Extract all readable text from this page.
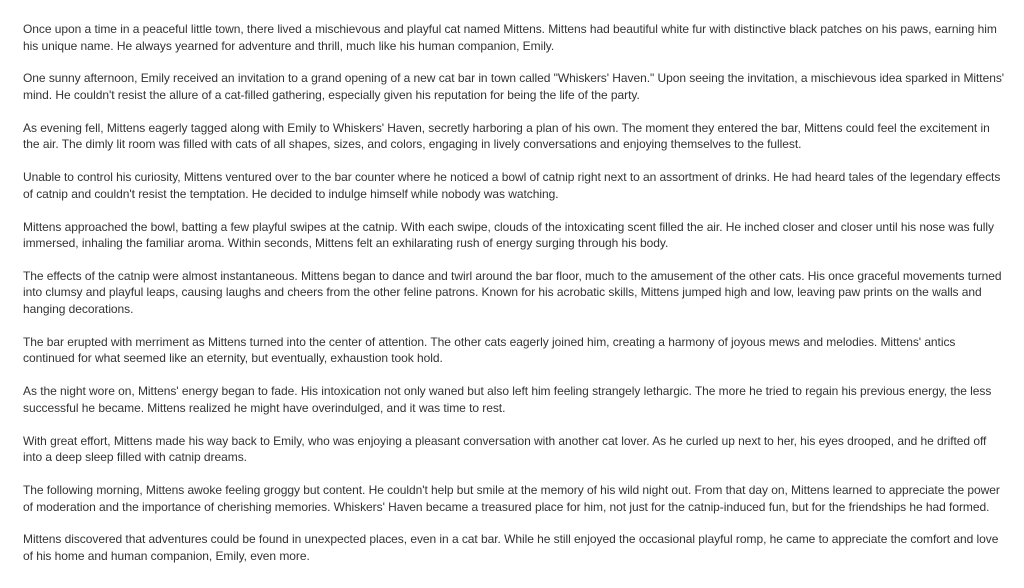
Once upon a time in a peaceful little town, there lived a mischievous and playful cat named Mittens. Mittens had beautiful white fur with distinctive black patches on his paws, earning him his unique name. He always yearned for adventure and thrill, much like his human companion, Emily.

One sunny afternoon, Emily received an invitation to a grand opening of a new cat bar in town called "Whiskers' Haven." Upon seeing the invitation, a mischievous idea sparked in Mittens' mind. He couldn't resist the allure of a cat-filled gathering, especially given his reputation for being the life of the party.

As evening fell, Mittens eagerly tagged along with Emily to Whiskers' Haven, secretly harboring a plan of his own. The moment they entered the bar, Mittens could feel the excitement in the air. The dimly lit room was filled with cats of all shapes, sizes, and colors, engaging in lively conversations and enjoying themselves to the fullest.

Unable to control his curiosity, Mittens ventured over to the bar counter where he noticed a bowl of catnip right next to an assortment of drinks. He had heard tales of the legendary effects of catnip and couldn't resist the temptation. He decided to indulge himself while nobody was watching.

Mittens approached the bowl, batting a few playful swipes at the catnip. With each swipe, clouds of the intoxicating scent filled the air. He inched closer and closer until his nose was fully immersed, inhaling the familiar aroma. Within seconds, Mittens felt an exhilarating rush of energy surging through his body.

The effects of the catnip were almost instantaneous. Mittens began to dance and twirl around the bar floor, much to the amusement of the other cats. His once graceful movements turned into clumsy and playful leaps, causing laughs and cheers from the other feline patrons. Known for his acrobatic skills, Mittens jumped high and low, leaving paw prints on the walls and hanging decorations.

The bar erupted with merriment as Mittens turned into the center of attention. The other cats eagerly joined him, creating a harmony of joyous mews and melodies. Mittens' antics continued for what seemed like an eternity, but eventually, exhaustion took hold.

As the night wore on, Mittens' energy began to fade. His intoxication not only waned but also left him feeling strangely lethargic. The more he tried to regain his previous energy, the less successful he became. Mittens realized he might have overindulged, and it was time to rest.

With great effort, Mittens made his way back to Emily, who was enjoying a pleasant conversation with another cat lover. As he curled up next to her, his eyes drooped, and he drifted off into a deep sleep filled with catnip dreams.

The following morning, Mittens awoke feeling groggy but content. He couldn't help but smile at the memory of his wild night out. From that day on, Mittens learned to appreciate the power of moderation and the importance of cherishing memories. Whiskers' Haven became a treasured place for him, not just for the catnip-induced fun, but for the friendships he had formed.

Mittens discovered that adventures could be found in unexpected places, even in a cat bar. While he still enjoyed the occasional playful romp, he came to appreciate the comfort and love of his home and human companion, Emily, even more.
